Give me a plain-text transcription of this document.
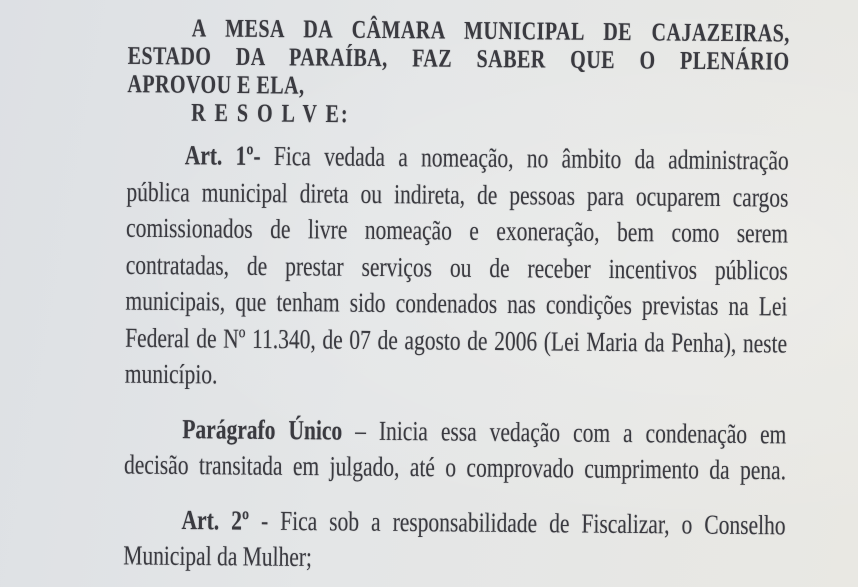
A MESA DA CÂMARA MUNICIPAL DE CAJAZEIRAS,
ESTADO DA PARAÍBA, FAZ SABER QUE O PLENÁRIO
APROVOU E ELA,
R E S O L V E:
Art. 1º- Fica vedada a nomeação, no âmbito da administração
pública municipal direta ou indireta, de pessoas para ocuparem cargos
comissionados de livre nomeação e exoneração, bem como serem
contratadas, de prestar serviços ou de receber incentivos públicos
municipais, que tenham sido condenados nas condições previstas na Lei
Federal de Nº 11.340, de 07 de agosto de 2006 (Lei Maria da Penha), neste
município.
Parágrafo Único – Inicia essa vedação com a condenação em
decisão transitada em julgado, até o comprovado cumprimento da pena.
Art. 2º - Fica sob a responsabilidade de Fiscalizar, o Conselho
Municipal da Mulher;
